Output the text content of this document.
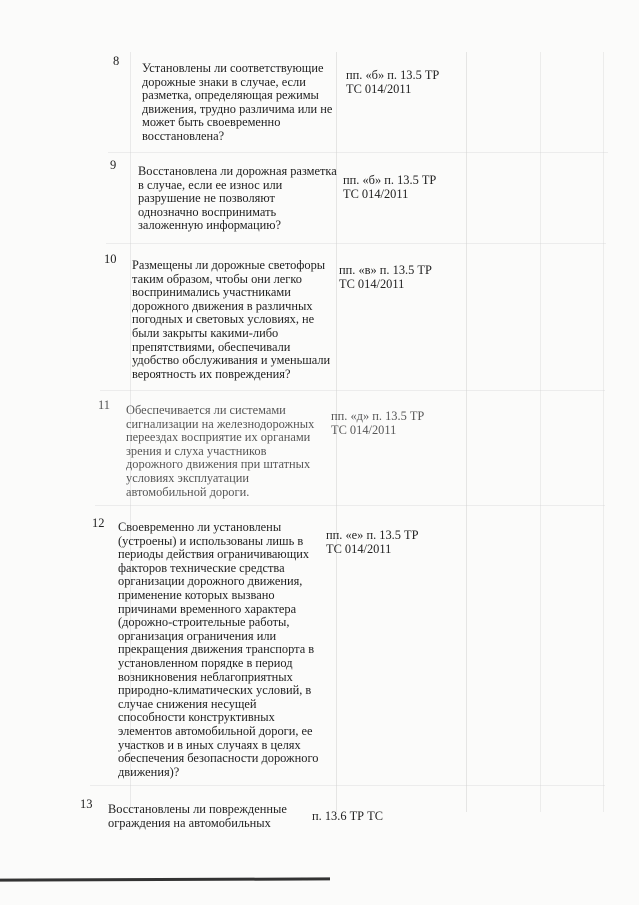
8 Установлены ли соответствующие
дорожные знаки в случае, если
разметка, определяющая режимы
движения, трудно различима или не
может быть своевременно
восстановлена?
пп. «б» п. 13.5 ТР
ТС 014/2011
9 Восстановлена ли дорожная разметка
в случае, если ее износ или
разрушение не позволяют
однозначно воспринимать
заложенную информацию?
пп. «б» п. 13.5 ТР
ТС 014/2011
10 Размещены ли дорожные светофоры
таким образом, чтобы они легко
воспринимались участниками
дорожного движения в различных
погодных и световых условиях, не
были закрыты какими-либо
препятствиями, обеспечивали
удобство обслуживания и уменьшали
вероятность их повреждения?
пп. «в» п. 13.5 ТР
ТС 014/2011
11 Обеспечивается ли системами
сигнализации на железнодорожных
переездах восприятие их органами
зрения и слуха участников
дорожного движения при штатных
условиях эксплуатации
автомобильной дороги.
пп. «д» п. 13.5 ТР
ТС 014/2011
12 Своевременно ли установлены
(устроены) и использованы лишь в
периоды действия ограничивающих
факторов технические средства
организации дорожного движения,
применение которых вызвано
причинами временного характера
(дорожно-строительные работы,
организация ограничения или
прекращения движения транспорта в
установленном порядке в период
возникновения неблагоприятных
природно-климатических условий, в
случае снижения несущей
способности конструктивных
элементов автомобильной дороги, ее
участков и в иных случаях в целях
обеспечения безопасности дорожного
движения)?
пп. «е» п. 13.5 ТР
ТС 014/2011
13 Восстановлены ли поврежденные
ограждения на автомобильных	п. 13.6 ТР ТС
